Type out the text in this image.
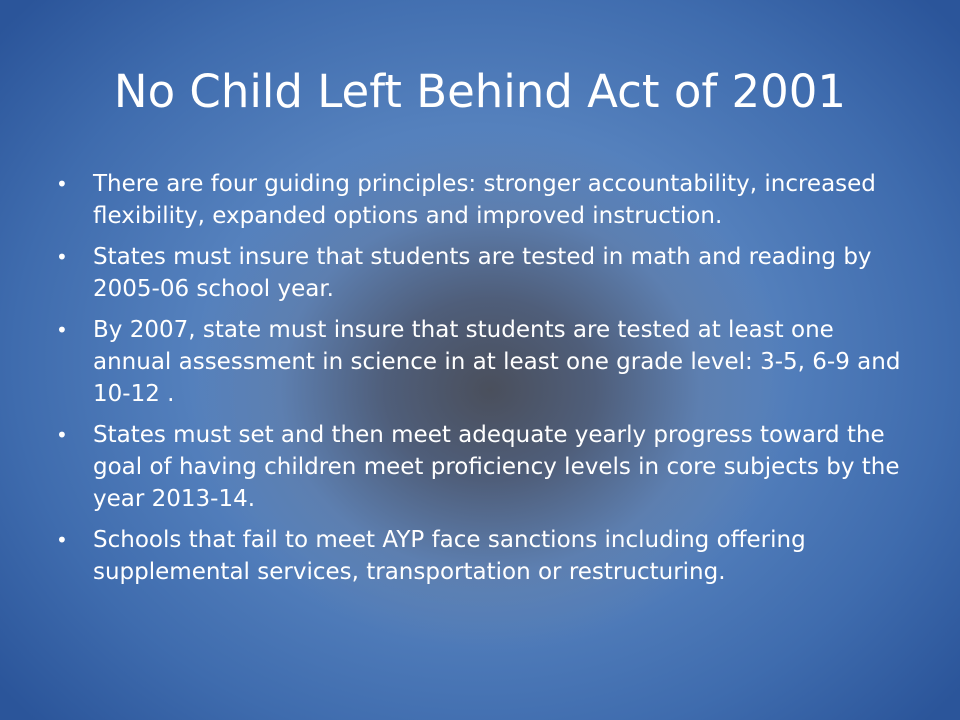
No Child Left Behind Act of 2001
•	There are four guiding principles: stronger accountability, increased flexibility, expanded options and improved instruction.
•	States must insure that students are tested in math and reading by 2005-06 school year.
•	By 2007, state must insure that students are tested at least one annual assessment in science in at least one grade level: 3-5, 6-9 and 10-12 .
•	States must set and then meet adequate yearly progress toward the goal of having children meet proficiency levels in core subjects by the year 2013-14.
•	Schools that fail to meet AYP face sanctions including offering supplemental services, transportation or restructuring.
